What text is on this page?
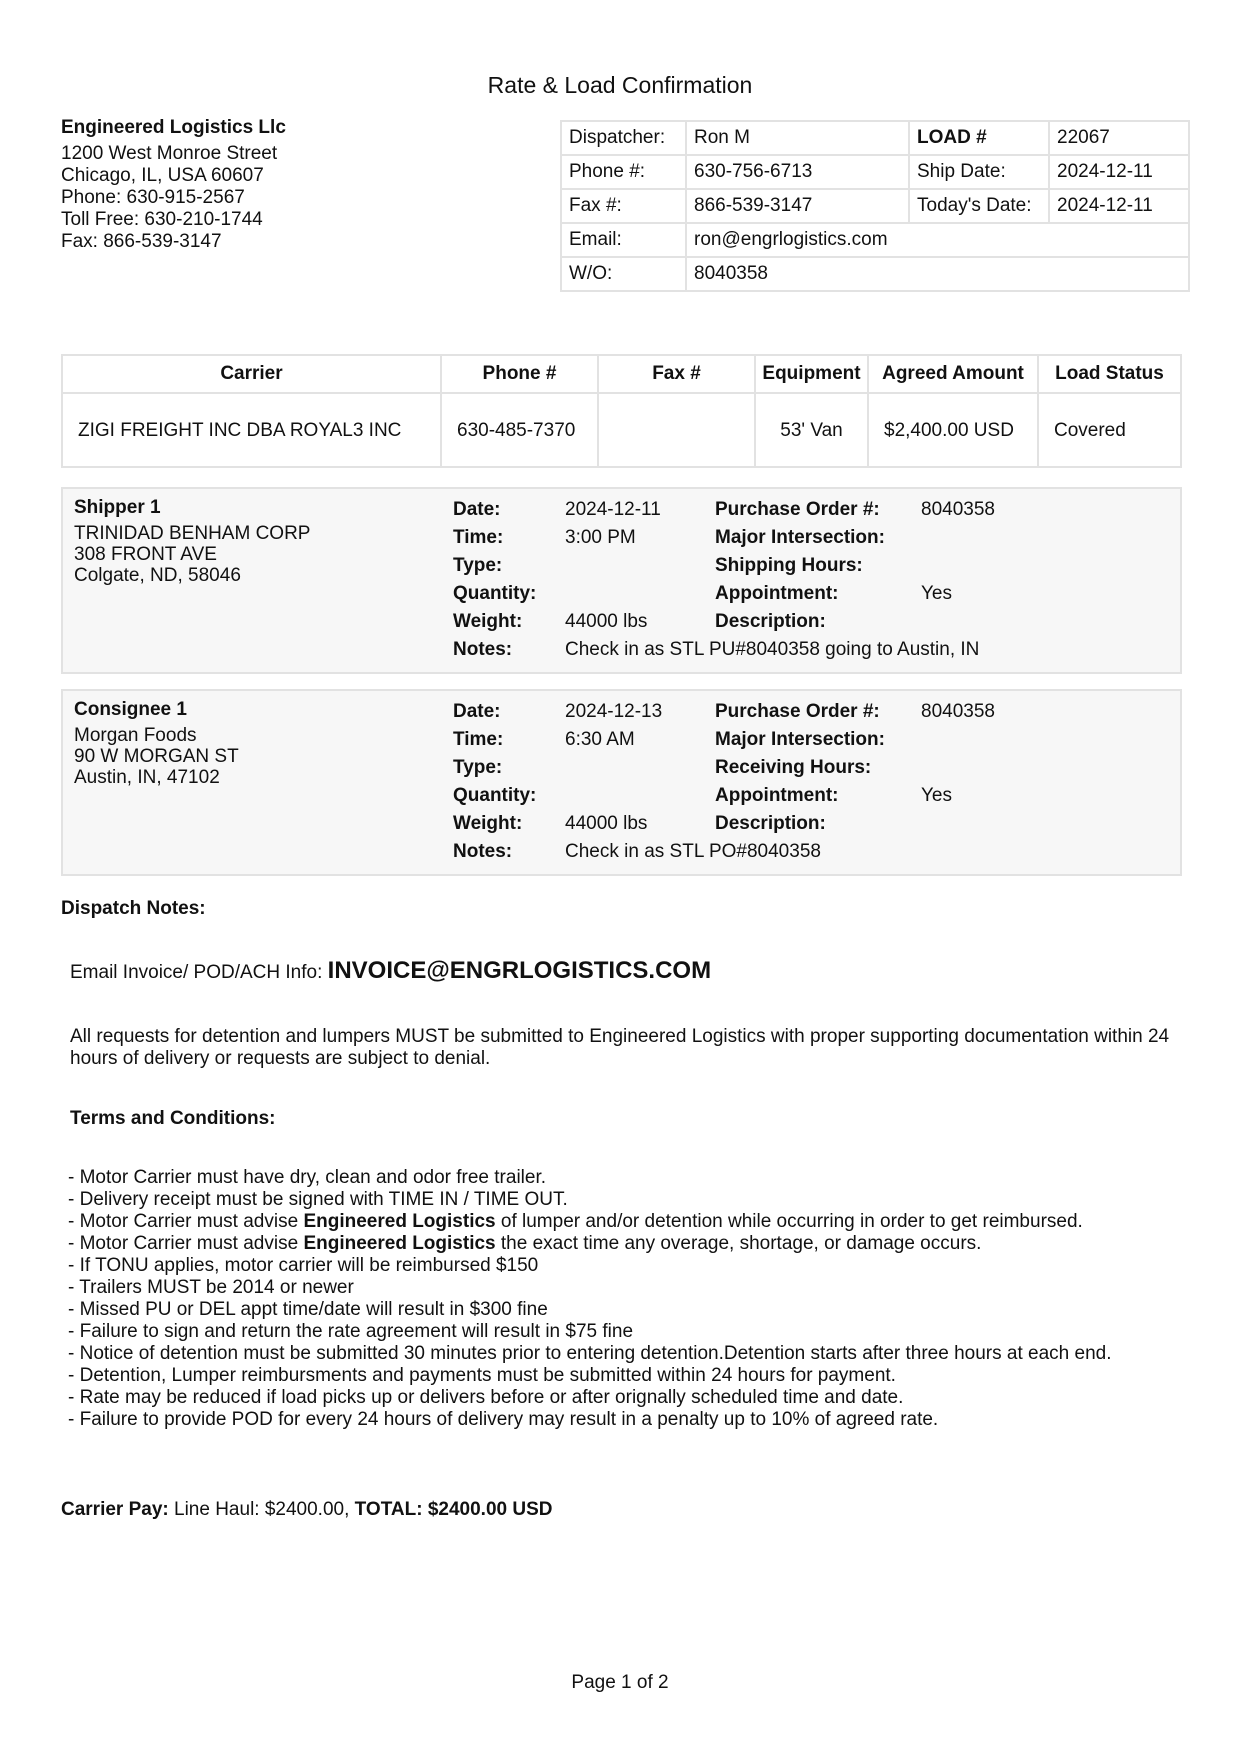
Rate & Load Confirmation
Engineered Logistics Llc
1200 West Monroe Street
Chicago, IL, USA 60607
Phone: 630-915-2567
Toll Free: 630-210-1744
Fax: 866-539-3147
Dispatcher:	Ron M	LOAD #	22067
Phone #:	630-756-6713	Ship Date:	2024-12-11
Fax #:	866-539-3147	Today's Date:	2024-12-11
Email:	ron@engrlogistics.com		
W/O:	8040358		
Carrier	Phone #	Fax #	Equipment	Agreed Amount	Load Status
ZIGI FREIGHT INC DBA ROYAL3 INC	630-485-7370		53' Van	$2,400.00 USD	Covered
Shipper 1
TRINIDAD BENHAM CORP
308 FRONT AVE
Colgate, ND, 58046
Date:	2024-12-11	Purchase Order #:	8040358
Time:	3:00 PM	Major Intersection:	
Type:		Shipping Hours:	
Quantity:		Appointment:	Yes
Weight:	44000 lbs	Description:	
Notes:	Check in as STL PU#8040358 going to Austin, IN		
Consignee 1
Morgan Foods
90 W MORGAN ST
Austin, IN, 47102
Date:	2024-12-13	Purchase Order #:	8040358
Time:	6:30 AM	Major Intersection:	
Type:		Receiving Hours:	
Quantity:		Appointment:	Yes
Weight:	44000 lbs	Description:	
Notes:	Check in as STL PO#8040358		
Dispatch Notes:
Email Invoice/ POD/ACH Info: INVOICE@ENGRLOGISTICS.COM
All requests for detention and lumpers MUST be submitted to Engineered Logistics with proper supporting documentation within 24 hours of delivery or requests are subject to denial.
Terms and Conditions:
- Motor Carrier must have dry, clean and odor free trailer.
- Delivery receipt must be signed with TIME IN / TIME OUT.
- Motor Carrier must advise Engineered Logistics of lumper and/or detention while occurring in order to get reimbursed.
- Motor Carrier must advise Engineered Logistics the exact time any overage, shortage, or damage occurs.
- If TONU applies, motor carrier will be reimbursed $150
- Trailers MUST be 2014 or newer
- Missed PU or DEL appt time/date will result in $300 fine
- Failure to sign and return the rate agreement will result in $75 fine
- Notice of detention must be submitted 30 minutes prior to entering detention.Detention starts after three hours at each end.
- Detention, Lumper reimbursments and payments must be submitted within 24 hours for payment.
- Rate may be reduced if load picks up or delivers before or after orignally scheduled time and date.
- Failure to provide POD for every 24 hours of delivery may result in a penalty up to 10% of agreed rate.
Carrier Pay: Line Haul: $2400.00, TOTAL: $2400.00 USD
Page 1 of 2
